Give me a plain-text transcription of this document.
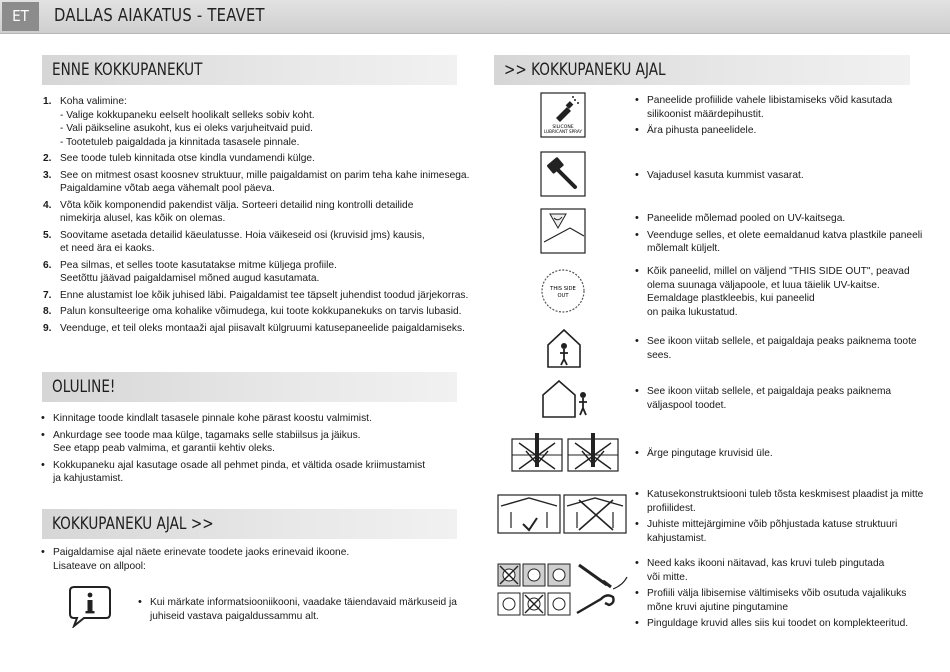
ET	DALLAS AIAKATUS - TEAVET
ENNE KOKKUPANEKUT
1. Koha valimine:
- Valige kokkupaneku eelselt hoolikalt selleks sobiv koht.
- Vali päikseline asukoht, kus ei oleks varjuheitvaid puid.
- Tootetuleb paigaldada ja kinnitada tasasele pinnale.
2. See toode tuleb kinnitada otse kindla vundamendi külge.
3. See on mitmest osast koosnev struktuur, mille paigaldamist on parim teha kahe inimesega.
Paigaldamine võtab aega vähemalt pool päeva.
4. Võta kõik komponendid pakendist välja. Sorteeri detailid ning kontrolli detailide
nimekirja alusel, kas kõik on olemas.
5. Soovitame asetada detailid käeulatusse. Hoia väikeseid osi (kruvisid jms) kausis,
et need ära ei kaoks.
6. Pea silmas, et selles toote kasutatakse mitme küljega profiile.
Seetõttu jäävad paigaldamisel mõned augud kasutamata.
7. Enne alustamist loe kõik juhised läbi. Paigaldamist tee täpselt juhendist toodud järjekorras.
8. Palun konsulteerige oma kohalike võimudega, kui toote kokkupanekuks on tarvis lubasid.
9. Veenduge, et teil oleks montaaži ajal piisavalt külgruumi katusepaneelide paigaldamiseks.
OLULINE!
• Kinnitage toode kindlalt tasasele pinnale kohe pärast koostu valmimist.
• Ankurdage see toode maa külge, tagamaks selle stabiilsus ja jäikus.
See etapp peab valmima, et garantii kehtiv oleks.
• Kokkupaneku ajal kasutage osade all pehmet pinda, et vältida osade kriimustamist
ja kahjustamist.
KOKKUPANEKU AJAL >>
• Paigaldamise ajal näete erinevate toodete jaoks erinevaid ikoone.
Lisateave on allpool:
• Kui märkate informatsiooniikooni, vaadake täiendavaid märkuseid ja
juhiseid vastava paigaldussammu alt.
>> KOKKUPANEKU AJAL
SILICONE
LUBRICANT SPRAY
• Paneelide profiilide vahele libistamiseks võid kasutada
silikoonist määrdepihustit.
• Ära pihusta paneelidele.
• Vajadusel kasuta kummist vasarat.
• Paneelide mõlemad pooled on UV-kaitsega.
• Veenduge selles, et olete eemaldanud katva plastkile paneeli
mõlemalt küljelt.
THIS SIDE
OUT
• Kõik paneelid, millel on väljend "THIS SIDE OUT", peavad
olema suunaga väljapoole, et luua täielik UV-kaitse.
Eemaldage plastkleebis, kui paneelid
on paika lukustatud.
• See ikoon viitab sellele, et paigaldaja peaks paiknema toote
sees.
• See ikoon viitab sellele, et paigaldaja peaks paiknema
väljaspool toodet.
• Ärge pingutage kruvisid üle.
• Katusekonstruktsiooni tuleb tõsta keskmisest plaadist ja mitte
profiilidest.
• Juhiste mittejärgimine võib põhjustada katuse struktuuri
kahjustamist.
• Need kaks ikooni näitavad, kas kruvi tuleb pingutada
või mitte.
• Profiili välja libisemise vältimiseks võib osutuda vajalikuks
mõne kruvi ajutine pingutamine
• Pinguldage kruvid alles siis kui toodet on komplekteeritud.
